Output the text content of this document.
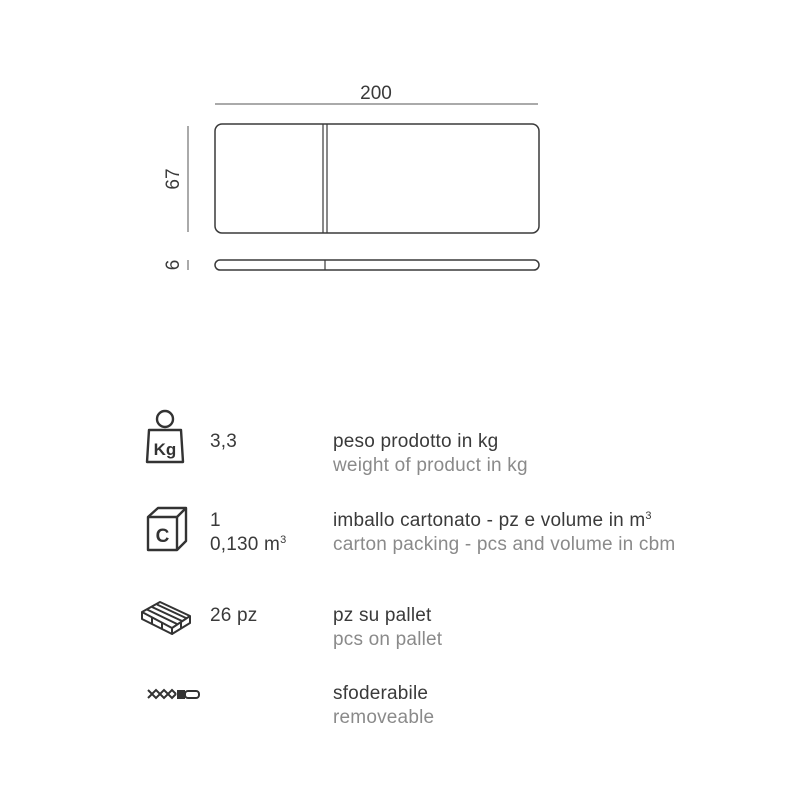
200
67
6
Kg 3,3	peso prodotto in kg
weight of product in kg
C
1
0,130 $m^3$
imballo cartonato - pz e volume in $m^3$
carton packing - pcs and volume in cbm
26 pz	pz su pallet
pcs on pallet
sfoderabile
removeable
